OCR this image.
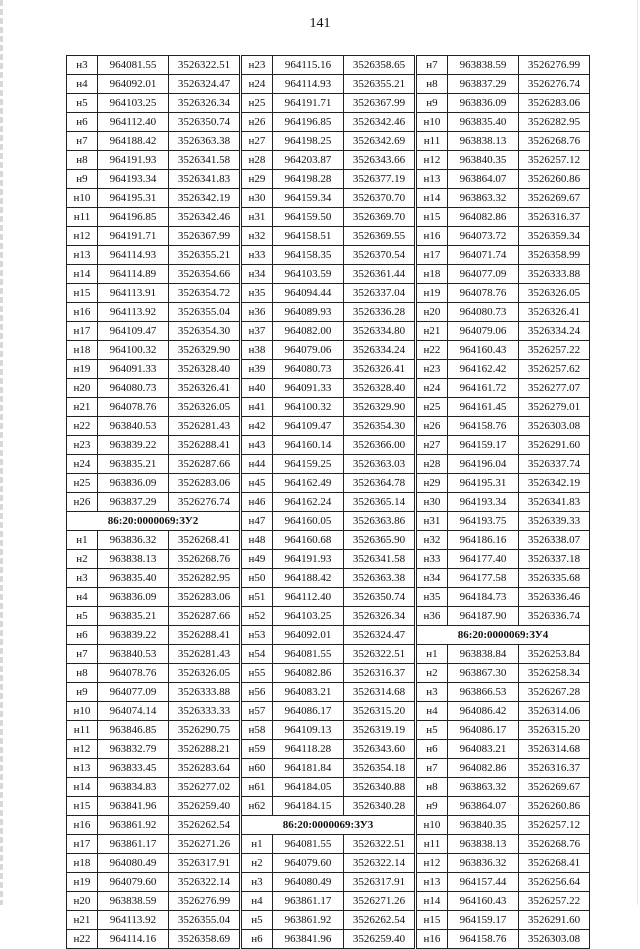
141
н3	964081.55	3526322.51
н4	964092.01	3526324.47
н5	964103.25	3526326.34
н6	964112.40	3526350.74
н7	964188.42	3526363.38
н8	964191.93	3526341.58
н9	964193.34	3526341.83
н10	964195.31	3526342.19
н11	964196.85	3526342.46
н12	964191.71	3526367.99
н13	964114.93	3526355.21
н14	964114.89	3526354.66
н15	964113.91	3526354.72
н16	964113.92	3526355.04
н17	964109.47	3526354.30
н18	964100.32	3526329.90
н19	964091.33	3526328.40
н20	964080.73	3526326.41
н21	964078.76	3526326.05
н22	963840.53	3526281.43
н23	963839.22	3526288.41
н24	963835.21	3526287.66
н25	963836.09	3526283.06
н26	963837.29	3526276.74
86:20:0000069:ЗУ2		
н1	963836.32	3526268.41
н2	963838.13	3526268.76
н3	963835.40	3526282.95
н4	963836.09	3526283.06
н5	963835.21	3526287.66
н6	963839.22	3526288.41
н7	963840.53	3526281.43
н8	964078.76	3526326.05
н9	964077.09	3526333.88
н10	964074.14	3526333.33
н11	963846.85	3526290.75
н12	963832.79	3526288.21
н13	963833.45	3526283.64
н14	963834.83	3526277.02
н15	963841.96	3526259.40
н16	963861.92	3526262.54
н17	963861.17	3526271.26
н18	964080.49	3526317.91
н19	964079.60	3526322.14
н20	963838.59	3526276.99
н21	964113.92	3526355.04
н22	964114.16	3526358.69
н23	964115.16	3526358.65
н24	964114.93	3526355.21
н25	964191.71	3526367.99
н26	964196.85	3526342.46
н27	964198.25	3526342.69
н28	964203.87	3526343.66
н29	964198.28	3526377.19
н30	964159.34	3526370.70
н31	964159.50	3526369.70
н32	964158.51	3526369.55
н33	964158.35	3526370.54
н34	964103.59	3526361.44
н35	964094.44	3526337.04
н36	964089.93	3526336.28
н37	964082.00	3526334.80
н38	964079.06	3526334.24
н39	964080.73	3526326.41
н40	964091.33	3526328.40
н41	964100.32	3526329.90
н42	964109.47	3526354.30
н43	964160.14	3526366.00
н44	964159.25	3526363.03
н45	964162.49	3526364.78
н46	964162.24	3526365.14
н47	964160.05	3526363.86
н48	964160.68	3526365.90
н49	964191.93	3526341.58
н50	964188.42	3526363.38
н51	964112.40	3526350.74
н52	964103.25	3526326.34
н53	964092.01	3526324.47
н54	964081.55	3526322.51
н55	964082.86	3526316.37
н56	964083.21	3526314.68
н57	964086.17	3526315.20
н58	964109.13	3526319.19
н59	964118.28	3526343.60
н60	964181.84	3526354.18
н61	964184.05	3526340.88
н62	964184.15	3526340.28
86:20:0000069:ЗУ3		
н1	964081.55	3526322.51
н2	964079.60	3526322.14
н3	964080.49	3526317.91
н4	963861.17	3526271.26
н5	963861.92	3526262.54
н6	963841.96	3526259.40
н7	963838.59	3526276.99
н8	963837.29	3526276.74
н9	963836.09	3526283.06
н10	963835.40	3526282.95
н11	963838.13	3526268.76
н12	963840.35	3526257.12
н13	963864.07	3526260.86
н14	963863.32	3526269.67
н15	964082.86	3526316.37
н16	964073.72	3526359.34
н17	964071.74	3526358.99
н18	964077.09	3526333.88
н19	964078.76	3526326.05
н20	964080.73	3526326.41
н21	964079.06	3526334.24
н22	964160.43	3526257.22
н23	964162.42	3526257.62
н24	964161.72	3526277.07
н25	964161.45	3526279.01
н26	964158.76	3526303.08
н27	964159.17	3526291.60
н28	964196.04	3526337.74
н29	964195.31	3526342.19
н30	964193.34	3526341.83
н31	964193.75	3526339.33
н32	964186.16	3526338.07
н33	964177.40	3526337.18
н34	964177.58	3526335.68
н35	964184.73	3526336.46
н36	964187.90	3526336.74
86:20:0000069:ЗУ4		
н1	963838.84	3526253.84
н2	963867.30	3526258.34
н3	963866.53	3526267.28
н4	964086.42	3526314.06
н5	964086.17	3526315.20
н6	964083.21	3526314.68
н7	964082.86	3526316.37
н8	963863.32	3526269.67
н9	963864.07	3526260.86
н10	963840.35	3526257.12
н11	963838.13	3526268.76
н12	963836.32	3526268.41
н13	964157.44	3526256.64
н14	964160.43	3526257.22
н15	964159.17	3526291.60
н16	964158.76	3526303.08
